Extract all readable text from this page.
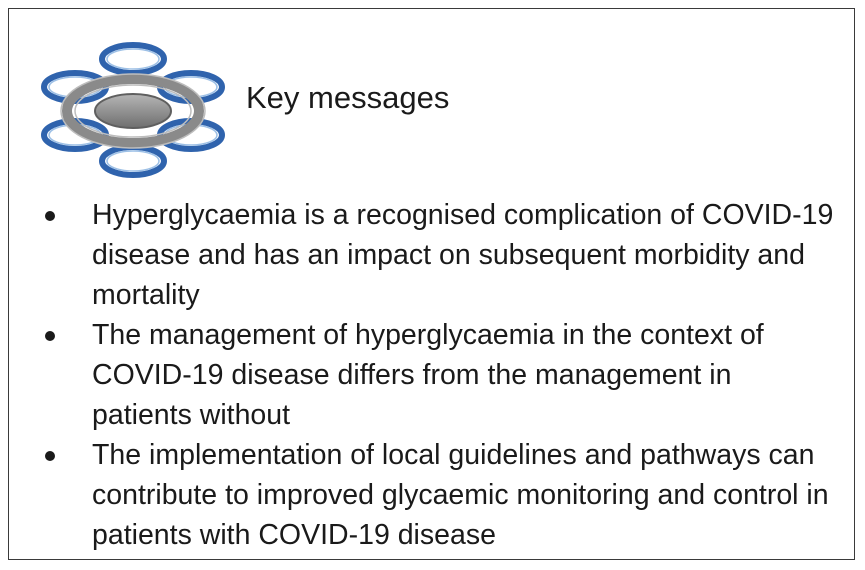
Key messages
Hyperglycaemia is a recognised complication of COVID-19 disease and has an impact on subsequent morbidity and mortality
The management of hyperglycaemia in the context of COVID-19 disease differs from the management in patients without
The implementation of local guidelines and pathways can contribute to improved glycaemic monitoring and control in patients with COVID-19 disease
